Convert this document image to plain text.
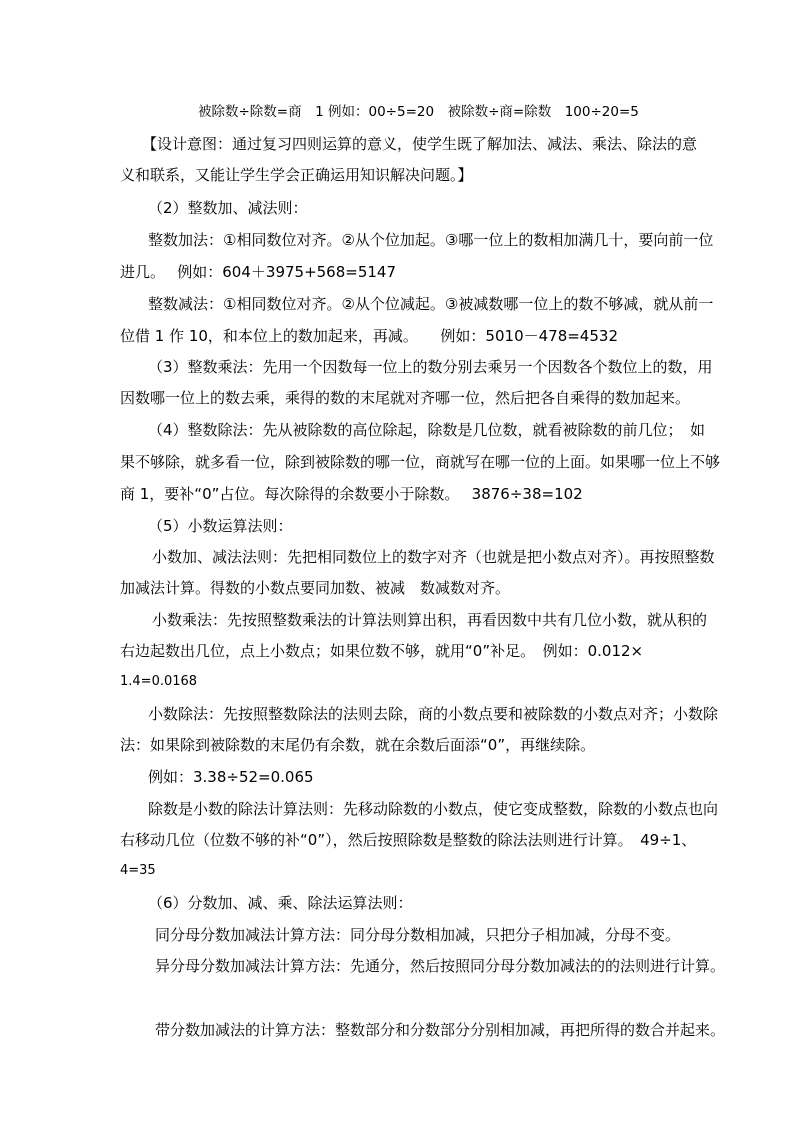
被除数÷除数=商　1 例如：00÷5=20　被除数÷商=除数　100÷20=5
【设计意图：通过复习四则运算的意义，使学生既了解加法、减法、乘法、除法的意
义和联系，又能让学生学会正确运用知识解决问题。】
（2）整数加、减法则：
整数加法：①相同数位对齐。②从个位加起。③哪一位上的数相加满几十，要向前一位
进几。　 例如：604＋3975+568=5147
整数减法：①相同数位对齐。②从个位减起。③被减数哪一位上的数不够减，就从前一
位借 1 作 10，和本位上的数加起来，再减。　　例如：5010－478=4532
（3）整数乘法：先用一个因数每一位上的数分别去乘另一个因数各个数位上的数，用
因数哪一位上的数去乘，乘得的数的末尾就对齐哪一位，然后把各自乘得的数加起来。
（4）整数除法：先从被除数的高位除起，除数是几位数，就看被除数的前几位；　如
果不够除，就多看一位，除到被除数的哪一位，商就写在哪一位的上面。如果哪一位上不够
商 1，要补“0”占位。每次除得的余数要小于除数。　 3876÷38=102
（5）小数运算法则：
小数加、减法法则：先把相同数位上的数字对齐（也就是把小数点对齐）。再按照整数
加减法计算。得数的小数点要同加数、被减　数减数对齐。
小数乘法：先按照整数乘法的计算法则算出积，再看因数中共有几位小数，就从积的
右边起数出几位，点上小数点；如果位数不够，就用“0”补足。　例如：0.012×
1.4=0.0168
小数除法：先按照整数除法的法则去除，商的小数点要和被除数的小数点对齐；小数除
法：如果除到被除数的末尾仍有余数，就在余数后面添“0”，再继续除。
例如：3.38÷52=0.065
除数是小数的除法计算法则：先移动除数的小数点，使它变成整数，除数的小数点也向
右移动几位（位数不够的补“0”），然后按照除数是整数的除法法则进行计算。　49÷1、
4=35
（6）分数加、减、乘、除法运算法则：
同分母分数加减法计算方法：同分母分数相加减，只把分子相加减，分母不变。
异分母分数加减法计算方法：先通分，然后按照同分母分数加减法的的法则进行计算。
带分数加减法的计算方法：整数部分和分数部分分别相加减，再把所得的数合并起来。
